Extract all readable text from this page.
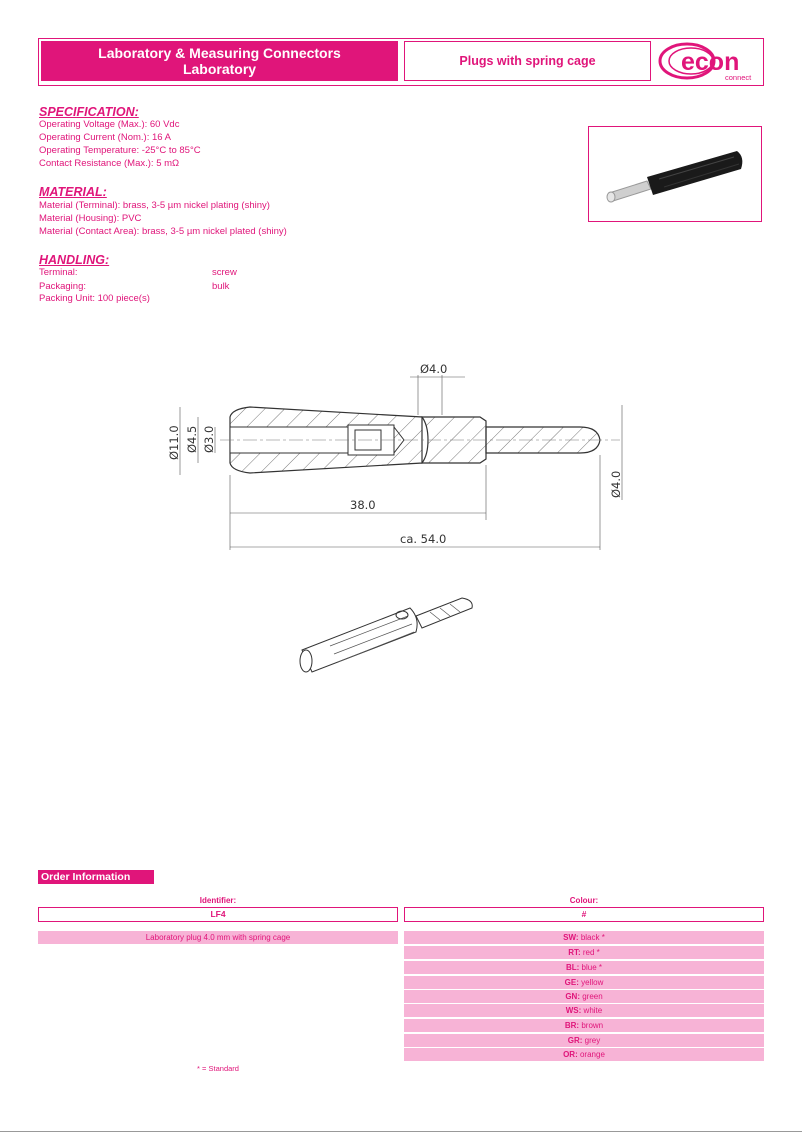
Laboratory & Measuring Connectors
Laboratory	Plugs with spring cage	econ
connect
SPECIFICATION:
Operating Voltage (Max.): 60 Vdc
Operating Current (Nom.): 16 A
Operating Temperature: -25°C to 85°C
Contact Resistance (Max.): 5 mΩ
MATERIAL:
Material (Terminal): brass, 3-5 µm nickel plating (shiny)
Material (Housing): PVC
Material (Contact Area): brass, 3-5 µm nickel plated (shiny)
HANDLING:
Terminal:	screw
Packaging:	bulk
Packing Unit: 100 piece(s)
Ø4.0
38.0
ca. 54.0
Ø11.0 Ø4.5 Ø3.0
Ø4.0
Order Information
Identifier:	Colour:
LF4	#
Laboratory plug 4.0 mm with spring cage	SW: black *
RT: red *
BL: blue *
GE: yellow
GN: green
WS: white
BR: brown
GR: grey
OR: orange
* = Standard
